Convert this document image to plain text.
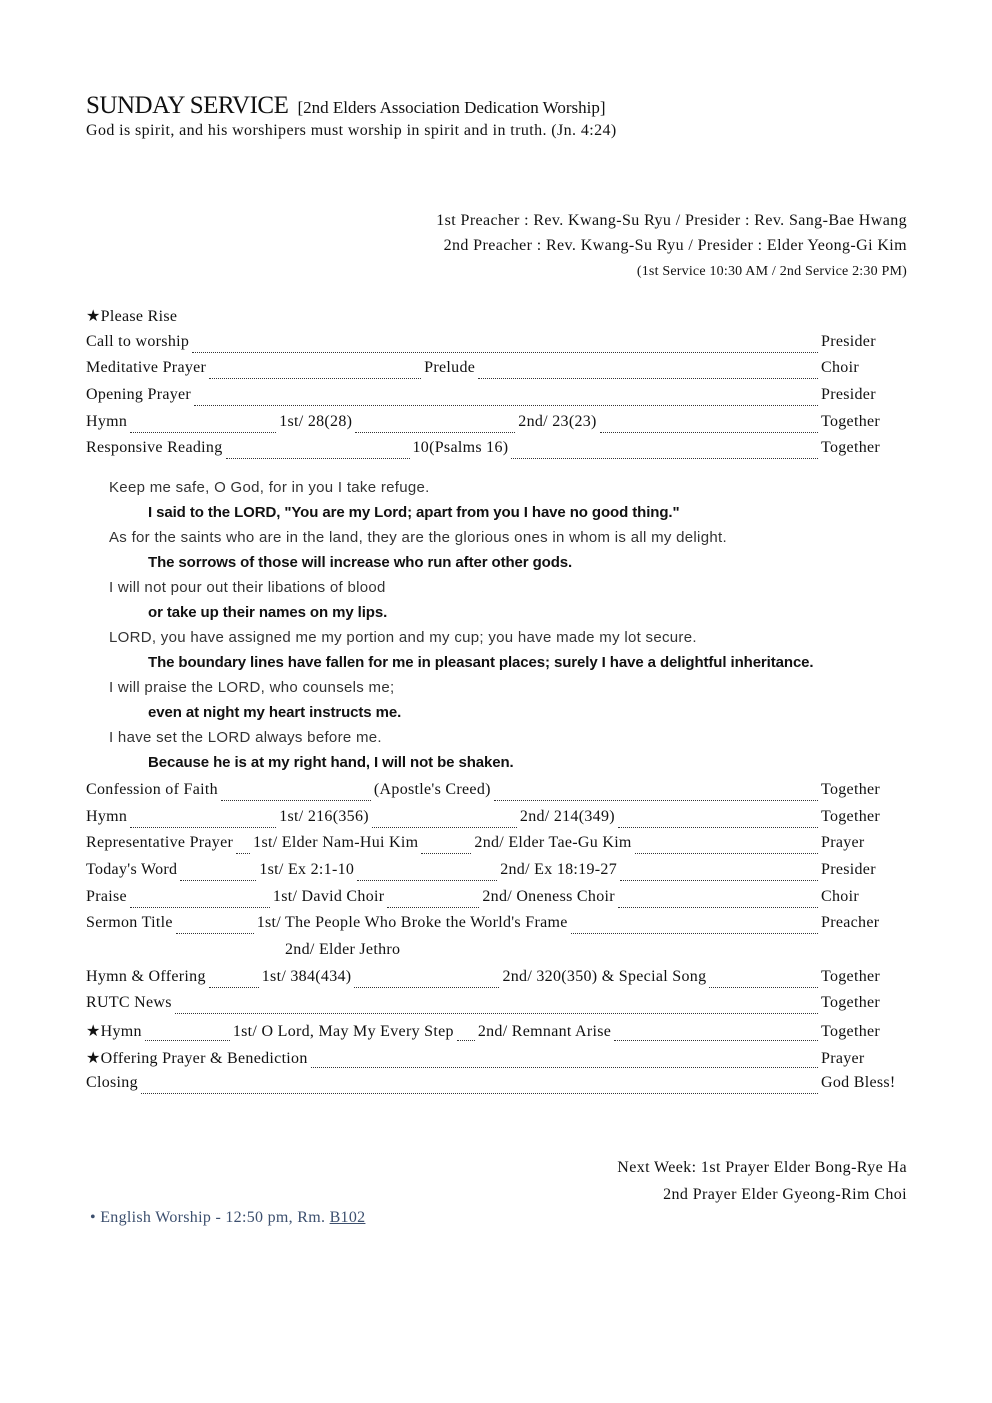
SUNDAY SERVICE [2nd Elders Association Dedication Worship]
God is spirit, and his worshipers must worship in spirit and in truth. (Jn. 4:24)
1st Preacher : Rev. Kwang-Su Ryu / Presider : Rev. Sang-Bae Hwang
2nd Preacher : Rev. Kwang-Su Ryu / Presider : Elder Yeong-Gi Kim
(1st Service 10:30 AM / 2nd Service 2:30 PM)
★Please Rise
Call to worship	Presider
Meditative Prayer	Prelude	Choir
Opening Prayer	Presider
Hymn	1st/ 28(28)	2nd/ 23(23)	Together
Responsive Reading	10(Psalms 16)	Together
Keep me safe, O God, for in you I take refuge.
I said to the LORD, "You are my Lord; apart from you I have no good thing."
As for the saints who are in the land, they are the glorious ones in whom is all my delight.
The sorrows of those will increase who run after other gods.
I will not pour out their libations of blood
or take up their names on my lips.
LORD, you have assigned me my portion and my cup; you have made my lot secure.
The boundary lines have fallen for me in pleasant places; surely I have a delightful inheritance.
I will praise the LORD, who counsels me;
even at night my heart instructs me.
I have set the LORD always before me.
Because he is at my right hand, I will not be shaken.
Confession of Faith	(Apostle's Creed)	Together
Hymn	1st/ 216(356)	2nd/ 214(349)	Together
Representative Prayer 1st/ Elder Nam-Hui Kim	2nd/ Elder Tae-Gu Kim	Prayer
Today's Word	1st/ Ex 2:1-10	2nd/ Ex 18:19-27	Presider
Praise	1st/ David Choir	2nd/ Oneness Choir	Choir
Sermon Title	1st/ The People Who Broke the World's Frame	Preacher
2nd/ Elder Jethro
Hymn & Offering	1st/ 384(434)	2nd/ 320(350) & Special Song	Together
RUTC News	Together
★Hymn	1st/ O Lord, May My Every Step 2nd/ Remnant Arise	Together
★Offering Prayer & Benediction	Prayer
Closing	God Bless!
Next Week: 1st Prayer Elder Bong-Rye Ha
2nd Prayer Elder Gyeong-Rim Choi
• English Worship - 12:50 pm, Rm. B102
